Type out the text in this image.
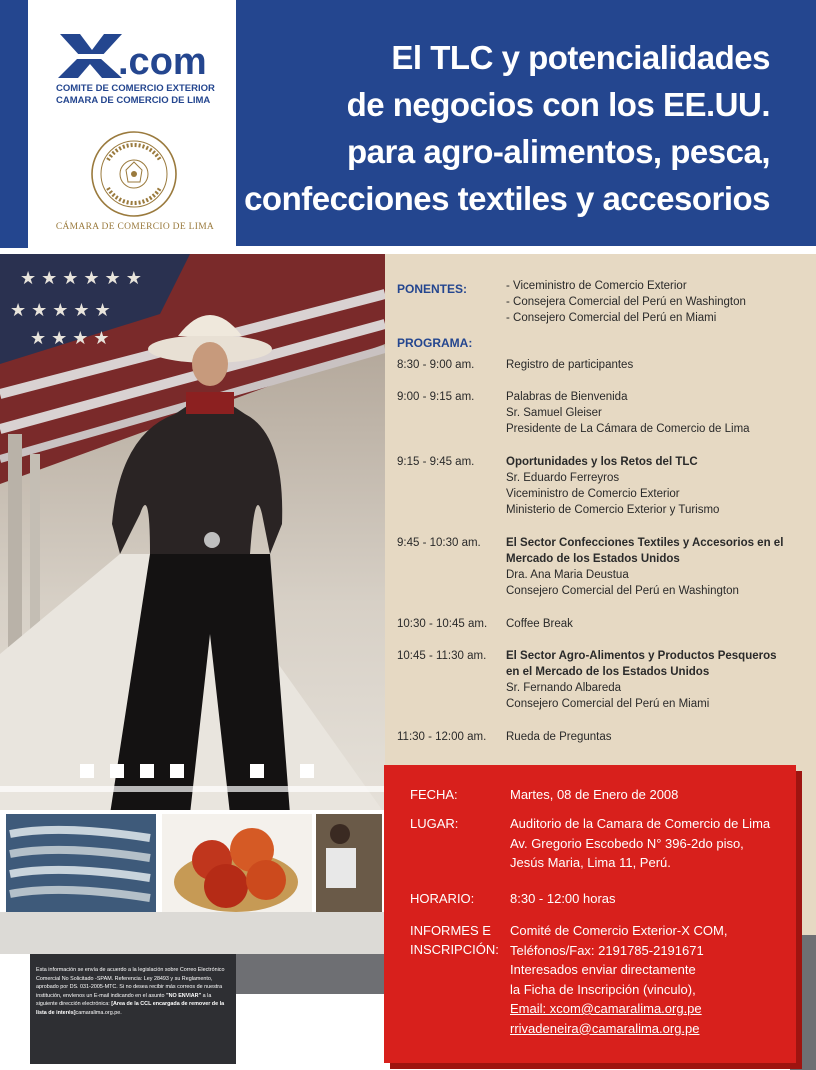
.com
COMITE DE COMERCIO EXTERIOR
CAMARA DE COMERCIO DE LIMA
CÁMARA DE COMERCIO DE LIMA
El TLC y potencialidades
de negocios con los EE.UU.
para agro-alimentos, pesca,
confecciones textiles y accesorios
★ ★ ★ ★ ★ ★
★ ★ ★ ★ ★
★ ★ ★ ★
PONENTES:	- Viceministro de Comercio Exterior
- Consejera Comercial del Perú en Washington
- Consejero Comercial del Perú en Miami
PROGRAMA:
8:30 - 9:00 am.	Registro de participantes
9:00 - 9:15 am.	Palabras de Bienvenida
Sr. Samuel Gleiser
Presidente de La Cámara de Comercio de Lima
9:15 - 9:45 am.	Oportunidades y los Retos del TLC
Sr. Eduardo Ferreyros
Viceministro de Comercio Exterior
Ministerio de Comercio Exterior y Turismo
9:45 - 10:30 am.	El Sector Confecciones Textiles y Accesorios en el Mercado de los Estados Unidos
Dra. Ana Maria Deustua
Consejero Comercial del Perú en Washington
10:30 - 10:45 am.	Coffee Break
10:45 - 11:30 am.	El Sector Agro-Alimentos y Productos Pesqueros en el Mercado de los Estados Unidos
Sr. Fernando Albareda
Consejero Comercial del Perú en Miami
11:30 - 12:00 am.	Rueda de Preguntas
FECHA:	Martes, 08 de Enero de 2008
LUGAR:	Auditorio de la Camara de Comercio de Lima
Av. Gregorio Escobedo N° 396-2do piso,
Jesús Maria, Lima 11, Perú.
HORARIO:	8:30 - 12:00 horas
INFORMES E
INSCRIPCIÓN:
Comité de Comercio Exterior-X COM,
Teléfonos/Fax: 2191785-2191671
Interesados enviar directamente
la Ficha de Inscripción (vinculo),
Email: xcom@camaralima.org.pe
rrivadeneira@camaralima.org.pe
Esta información se envía de acuerdo a la legislación sobre Correo Electrónico Comercial No Solicitado -SPAM. Referencia: Ley 28493 y su Reglamento, aprobado por DS. 031-2005-MTC. Si no desea recibir más correos de nuestra institución, envíenos un E-mail indicando en el asunto "NO ENVIAR" a la siguiente dirección electrónica: [Area de la CCL encargada de remover de la lista de interés]camaralima.org.pe.
